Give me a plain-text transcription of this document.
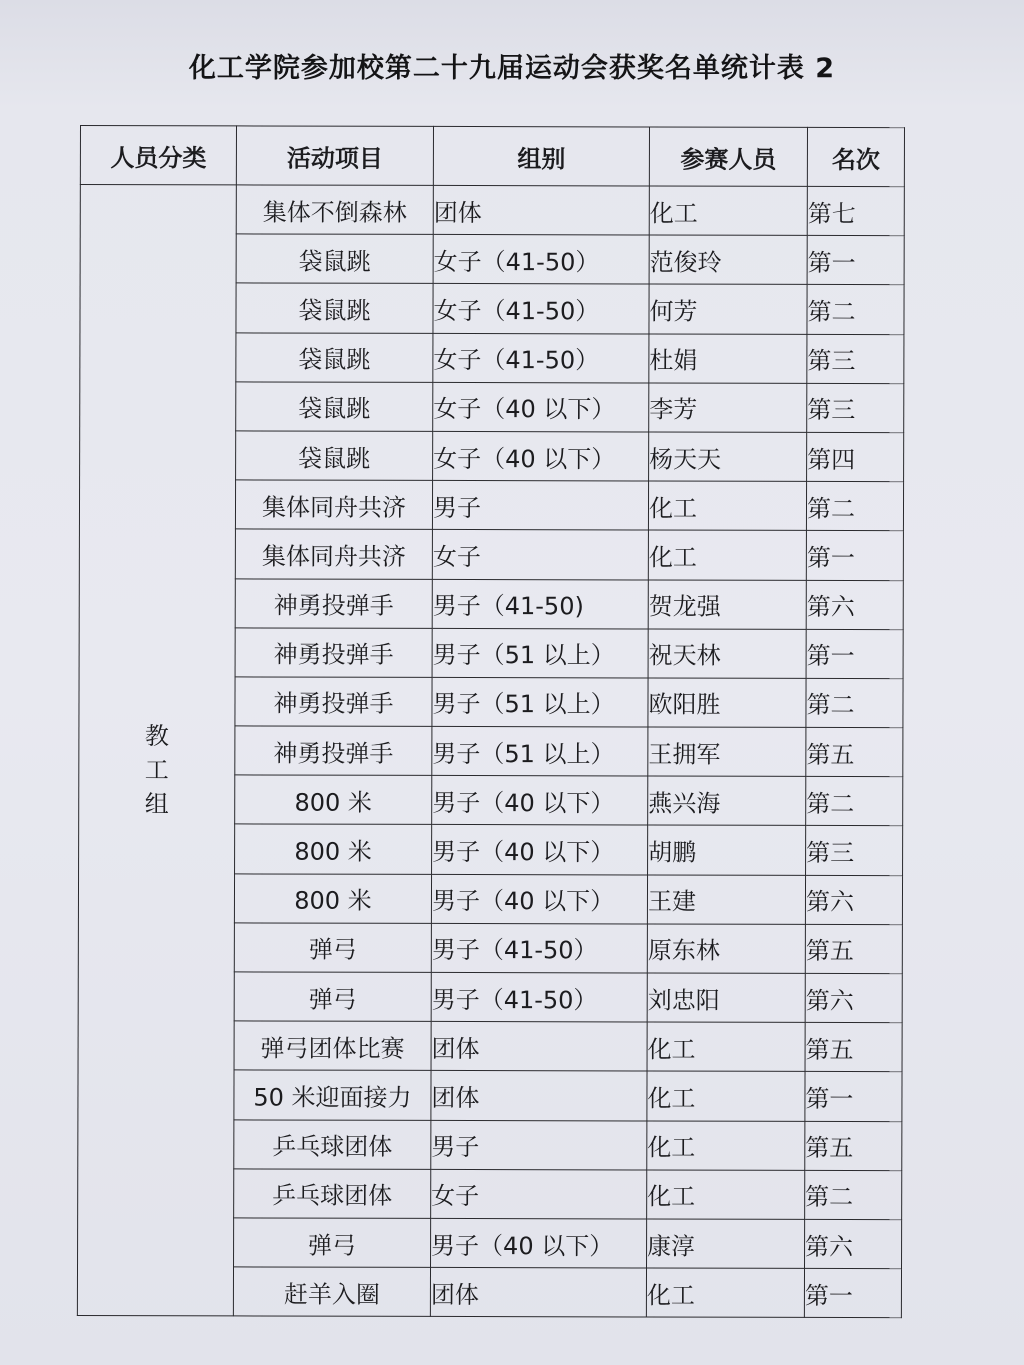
化工学院参加校第二十九届运动会获奖名单统计表 2
人员分类	活动项目	组别	参赛人员	名次
教工组	集体不倒森林	团体	化工	第七
	袋鼠跳	女子（41-50）	范俊玲	第一
	袋鼠跳	女子（41-50）	何芳	第二
	袋鼠跳	女子（41-50）	杜娟	第三
	袋鼠跳	女子（40 以下）	李芳	第三
	袋鼠跳	女子（40 以下）	杨天天	第四
	集体同舟共济	男子	化工	第二
	集体同舟共济	女子	化工	第一
	神勇投弹手	男子（41-50)	贺龙强	第六
	神勇投弹手	男子（51 以上）	祝天林	第一
	神勇投弹手	男子（51 以上）	欧阳胜	第二
	神勇投弹手	男子（51 以上）	王拥军	第五
	800 米	男子（40 以下）	燕兴海	第二
	800 米	男子（40 以下）	胡鹏	第三
	800 米	男子（40 以下）	王建	第六
	弹弓	男子（41-50）	原东林	第五
	弹弓	男子（41-50）	刘忠阳	第六
	弹弓团体比赛	团体	化工	第五
	50 米迎面接力	团体	化工	第一
	乒乓球团体	男子	化工	第五
	乒乓球团体	女子	化工	第二
	弹弓	男子（40 以下）	康淳	第六
	赶羊入圈	团体	化工	第一
